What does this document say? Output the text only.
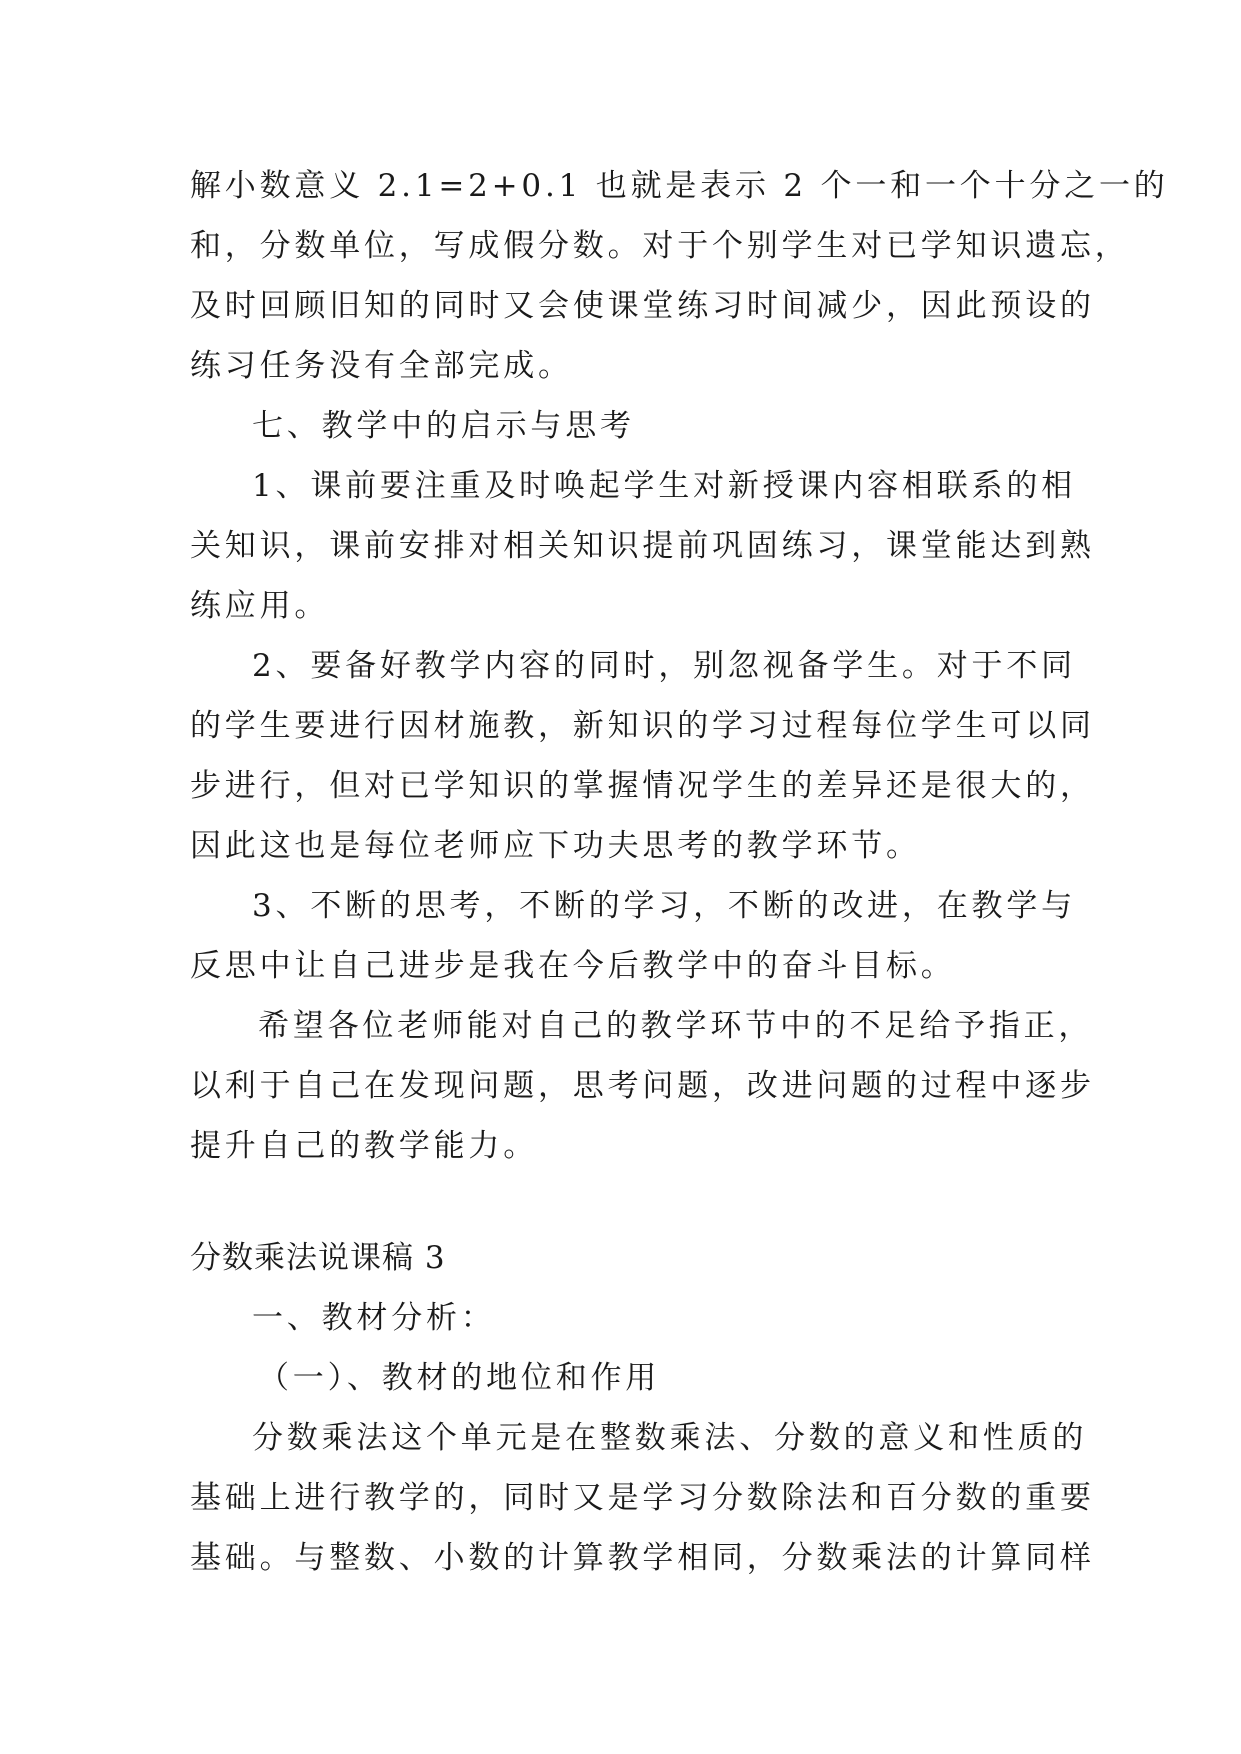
解小数意义 2.1=2+0.1 也就是表示 2 个一和一个十分之一的
和，分数单位，写成假分数。对于个别学生对已学知识遗忘，
及时回顾旧知的同时又会使课堂练习时间减少，因此预设的
练习任务没有全部完成。
七、教学中的启示与思考
1、课前要注重及时唤起学生对新授课内容相联系的相
关知识，课前安排对相关知识提前巩固练习，课堂能达到熟
练应用。
2、要备好教学内容的同时，别忽视备学生。对于不同
的学生要进行因材施教，新知识的学习过程每位学生可以同
步进行，但对已学知识的掌握情况学生的差异还是很大的，
因此这也是每位老师应下功夫思考的教学环节。
3、不断的思考，不断的学习，不断的改进，在教学与
反思中让自己进步是我在今后教学中的奋斗目标。
希望各位老师能对自己的教学环节中的不足给予指正，
以利于自己在发现问题，思考问题，改进问题的过程中逐步
提升自己的教学能力。
分数乘法说课稿 3
一、教材分析：
（一）、教材的地位和作用
分数乘法这个单元是在整数乘法、分数的意义和性质的
基础上进行教学的，同时又是学习分数除法和百分数的重要
基础。与整数、小数的计算教学相同，分数乘法的计算同样
